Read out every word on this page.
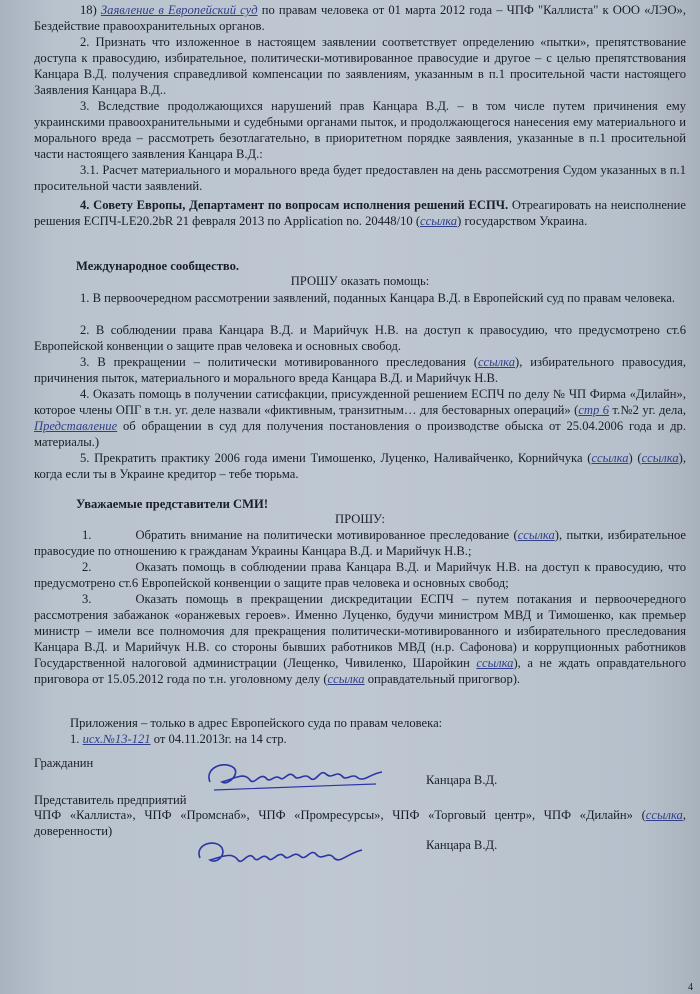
18) Заявление в Европейский суд по правам человека от 01 марта 2012 года – ЧПФ "Каллиста" к ООО «ЛЭО», Бездействие правоохранительных органов.

2. Признать что изложенное в настоящем заявлении соответствует определению «пытки», препятствование доступа к правосудию, избирательное, политически-мотивированное правосудие и другое – с целью препятствования Канцара В.Д. получения справедливой компенсации по заявлениям, указанным в п.1 просительной части настоящего Заявления Канцара В.Д..

3. Вследствие продолжающихся нарушений прав Канцара В.Д. – в том числе путем причинения ему украинскими правоохранительными и судебными органами пыток, и продолжающегося нанесения ему материального и морального вреда – рассмотреть безотлагательно, в приоритетном порядке заявления, указанные в п.1 просительной части настоящего заявления Канцара В.Д.:

3.1. Расчет материального и морального вреда будет предоставлен на день рассмотрения Судом указанных в п.1 просительной части заявлений.

4. Совету Европы, Департамент по вопросам исполнения решений ЕСПЧ. Отреагировать на неисполнение решения ЕСПЧ-LE20.2bR 21 февраля 2013 по Application no. 20448/10 (ссылка) государством Украина.

Международное сообщество.

ПРОШУ оказать помощь:

1. В первоочередном рассмотрении заявлений, поданных Канцара В.Д. в Европейский суд по правам человека.

2. В соблюдении права Канцара В.Д. и Марийчук Н.В. на доступ к правосудию, что предусмотрено ст.6 Европейской конвенции о защите прав человека и основных свобод.

3. В прекращении – политически мотивированного преследования (ссылка), избирательного правосудия, причинения пыток, материального и морального вреда Канцара В.Д. и Марийчук Н.В.

4. Оказать помощь в получении сатисфакции, присужденной решением ЕСПЧ по делу № ЧП Фирма «Дилайн», которое члены ОПГ в т.н. уг. деле назвали «фиктивным, транзитным… для бестоварных операций» (стр 6 т.№2 уг. дела, Представление об обращении в суд для получения постановления о производстве обыска от 25.04.2006 года и др. материалы.)

5. Прекратить практику 2006 года имени Тимошенко, Луценко, Наливайченко, Корнийчука (ссылка) (ссылка), когда если ты в Украине кредитор – тебе тюрьма.

Уважаемые представители СМИ!

ПРОШУ:

1.	Обратить внимание на политически мотивированное преследование (ссылка), пытки, избирательное правосудие по отношению к гражданам Украины Канцара В.Д. и Марийчук Н.В.;

2.	Оказать помощь в соблюдении права Канцара В.Д. и Марийчук Н.В. на доступ к правосудию, что предусмотрено ст.6 Европейской конвенции о защите прав человека и основных свобод;

3.	Оказать помощь в прекращении дискредитации ЕСПЧ – путем потакания и первоочередного рассмотрения забажанок «оранжевых героев». Именно Луценко, будучи министром МВД и Тимошенко, как премьер министр – имели все полномочия для прекращения политически-мотивированного и избирательного преследования Канцара В.Д. и Марийчук Н.В. со стороны бывших работников МВД (н.р. Сафонова) и коррупционных работников Государственной налоговой администрации (Лещенко, Чивиленко, Шаройкин ссылка), а не ждать оправдательного приговора от 15.05.2012 года по т.н. уголовному делу (ссылка оправдательный пригогвор).

Приложения – только в адрес Европейского суда по правам человека:

1. исх.№13-121 от 04.11.2013г. на 14 стр.

Гражданин

Канцара В.Д.

Представитель предприятий

ЧПФ «Каллиста», ЧПФ «Промснаб», ЧПФ «Промресурсы», ЧПФ «Торговый центр», ЧПФ «Дилайн» (ссылка, доверенности)

Канцара В.Д.

4
